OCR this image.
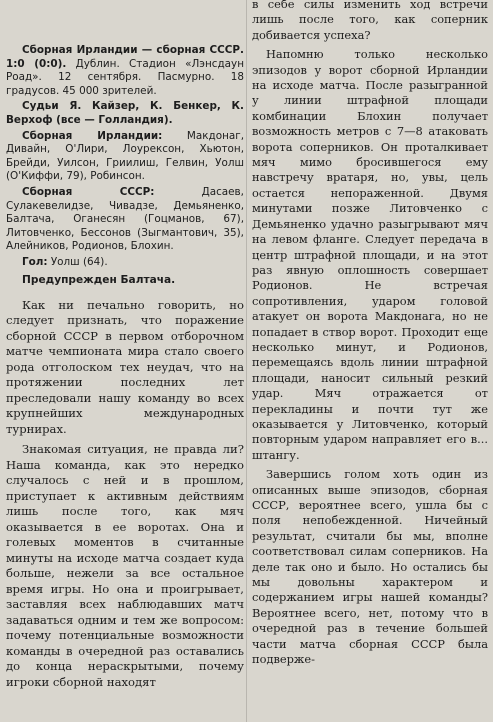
Сборная Ирландии — сборная СССР. 1:0 (0:0). Дублин. Стадион «Лэнсдаун Роад». 12 сентября. Пасмурно. 18 градусов. 45 000 зрителей.

Судьи Я. Кайзер, К. Бенкер, К. Верхоф (все — Голландия).

Сборная Ирландии: Макдонаг, Дивайн, О'Лири, Лоурексон, Хьютон, Брейди, Уилсон, Гриилиш, Гелвин, Уолш (О'Киффи, 79), Робинсон.

Сборная СССР:	Дасаев, Сулакевелидзе, Чивадзе, Демьяненко, Балтача, Оганесян (Гоцманов, 67), Литовченко, Бессонов (Зыгмантович, 35), Алейников, Родионов, Блохин.

Гол: Уолш (64).

Предупрежден Балтача.

Как ни печально говорить, но следует признать, что поражение сборной СССР в первом отборочном матче чемпионата мира стало своего рода отголоском тех неудач, что на протяжении последних лет преследовали нашу команду во всех крупнейших международных турнирах.

Знакомая ситуация, не правда ли? Наша команда, как это нередко случалось с ней и в прошлом, приступает к активным действиям лишь после того, как мяч оказывается в ее воротах. Она и голевых моментов в считанные минуты на исходе матча создает куда больше, нежели за все остальное время игры. Но она и проигрывает, заставляя всех наблюдавших матч задаваться одним и тем же вопросом: почему потенциальные возможности команды в очередной раз оставались до конца нераскрытыми, почему игроки сборной находят

в себе силы изменить ход встречи лишь после того, как соперник добивается успеха?

Напомню только несколько эпизодов у ворот сборной Ирландии на исходе матча. После разыгранной у линии штрафной площади комбинации Блохин получает возможность метров с 7—8 атаковать ворота соперников. Он проталкивает мяч мимо бросившегося ему навстречу вратаря, но, увы, цель остается непораженной. Двумя минутами позже Литовченко с Демьяненко удачно разыгрывают мяч на левом фланге. Следует передача в центр штрафной площади, и на этот раз явную оплошность совершает Родионов. Не встречая сопротивления, ударом головой атакует он ворота Макдонага, но не попадает в створ ворот. Проходит еще несколько минут, и Родионов, перемещаясь вдоль линии штрафной площади, наносит сильный резкий удар. Мяч отражается от перекладины и почти тут же оказывается у Литовченко, который повторным ударом направляет его в... штангу.

Завершись голом хоть один из описанных выше эпизодов, сборная СССР, вероятнее всего, ушла бы с поля непобежденной. Ничейный результат, считали бы мы, вполне соответствовал силам соперников. На деле так оно и было. Но остались бы мы довольны характером и содержанием игры нашей команды? Вероятнее всего, нет, потому что в очередной раз в течение большей части матча сборная СССР была подверже-
